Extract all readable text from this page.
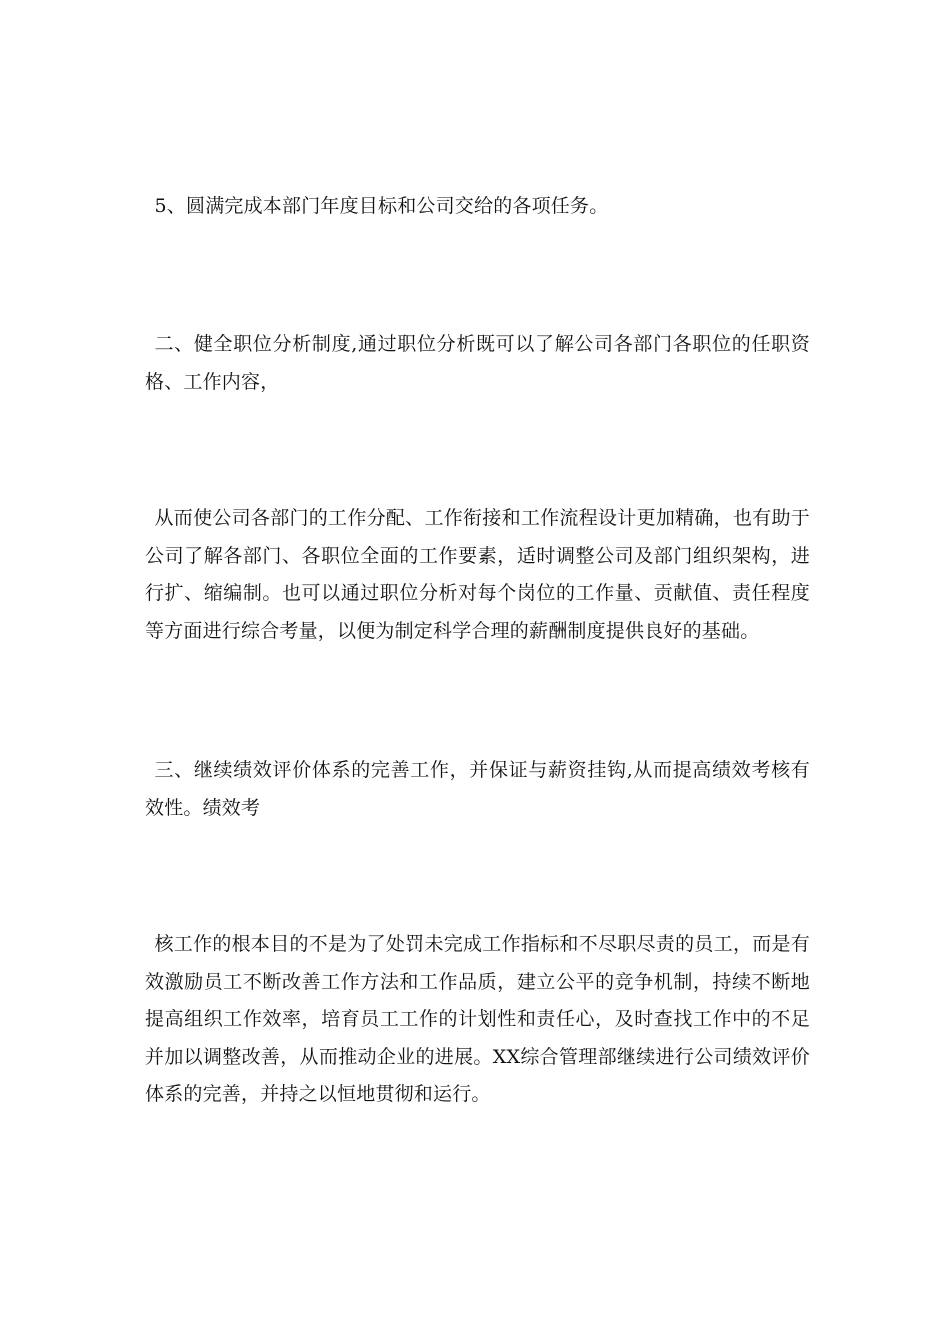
5、圆满完成本部门年度目标和公司交给的各项任务。

二、健全职位分析制度,通过职位分析既可以了解公司各部门各职位的任职资格、工作内容，

从而使公司各部门的工作分配、工作衔接和工作流程设计更加精确，也有助于公司了解各部门、各职位全面的工作要素，适时调整公司及部门组织架构，进行扩、缩编制。也可以通过职位分析对每个岗位的工作量、贡献值、责任程度等方面进行综合考量，以便为制定科学合理的薪酬制度提供良好的基础。

三、继续绩效评价体系的完善工作，并保证与薪资挂钩,从而提高绩效考核有效性。绩效考

核工作的根本目的不是为了处罚未完成工作指标和不尽职尽责的员工，而是有效激励员工不断改善工作方法和工作品质，建立公平的竞争机制，持续不断地提高组织工作效率，培育员工工作的计划性和责任心，及时查找工作中的不足并加以调整改善，从而推动企业的进展。XX综合管理部继续进行公司绩效评价体系的完善，并持之以恒地贯彻和运行。
